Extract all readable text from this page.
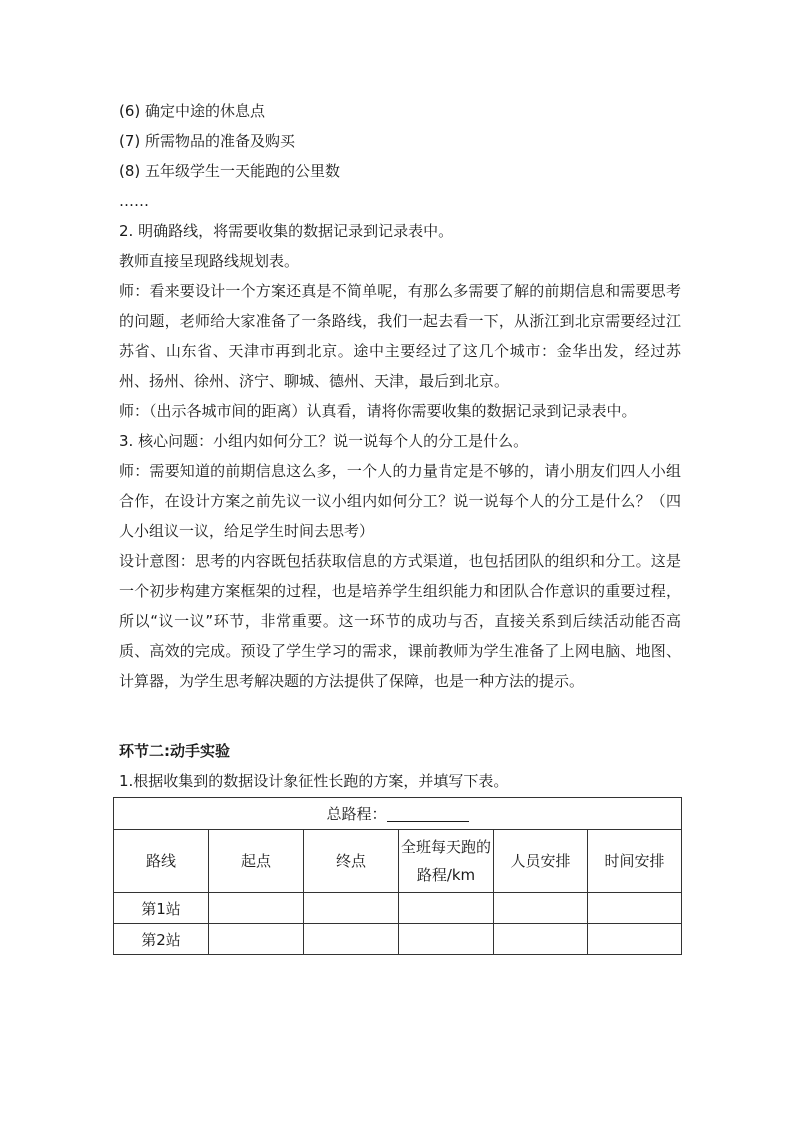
(6) 确定中途的休息点
(7) 所需物品的准备及购买
(8) 五年级学生一天能跑的公里数
……
2. 明确路线，将需要收集的数据记录到记录表中。
教师直接呈现路线规划表。

师：看来要设计一个方案还真是不简单呢，有那么多需要了解的前期信息和需要思考的问题，老师给大家准备了一条路线，我们一起去看一下，从浙江到北京需要经过江苏省、山东省、天津市再到北京。途中主要经过了这几个城市：金华出发，经过苏州、扬州、徐州、济宁、聊城、德州、天津，最后到北京。

师：（出示各城市间的距离）认真看，请将你需要收集的数据记录到记录表中。

3. 核心问题：小组内如何分工？说一说每个人的分工是什么。

师：需要知道的前期信息这么多，一个人的力量肯定是不够的，请小朋友们四人小组合作，在设计方案之前先议一议小组内如何分工？说一说每个人的分工是什么？（四人小组议一议，给足学生时间去思考）

设计意图：思考的内容既包括获取信息的方式渠道，也包括团队的组织和分工。这是一个初步构建方案框架的过程，也是培养学生组织能力和团队合作意识的重要过程，所以“议一议”环节，非常重要。这一环节的成功与否，直接关系到后续活动能否高质、高效的完成。预设了学生学习的需求，课前教师为学生准备了上网电脑、地图、计算器，为学生思考解决题的方法提供了保障，也是一种方法的提示。

环节二:动手实验
1.根据收集到的数据设计象征性长跑的方案，并填写下表。
总路程：					
路线	起点	终点	全班每天跑的路程/km	人员安排	时间安排
第1站					
第2站					
